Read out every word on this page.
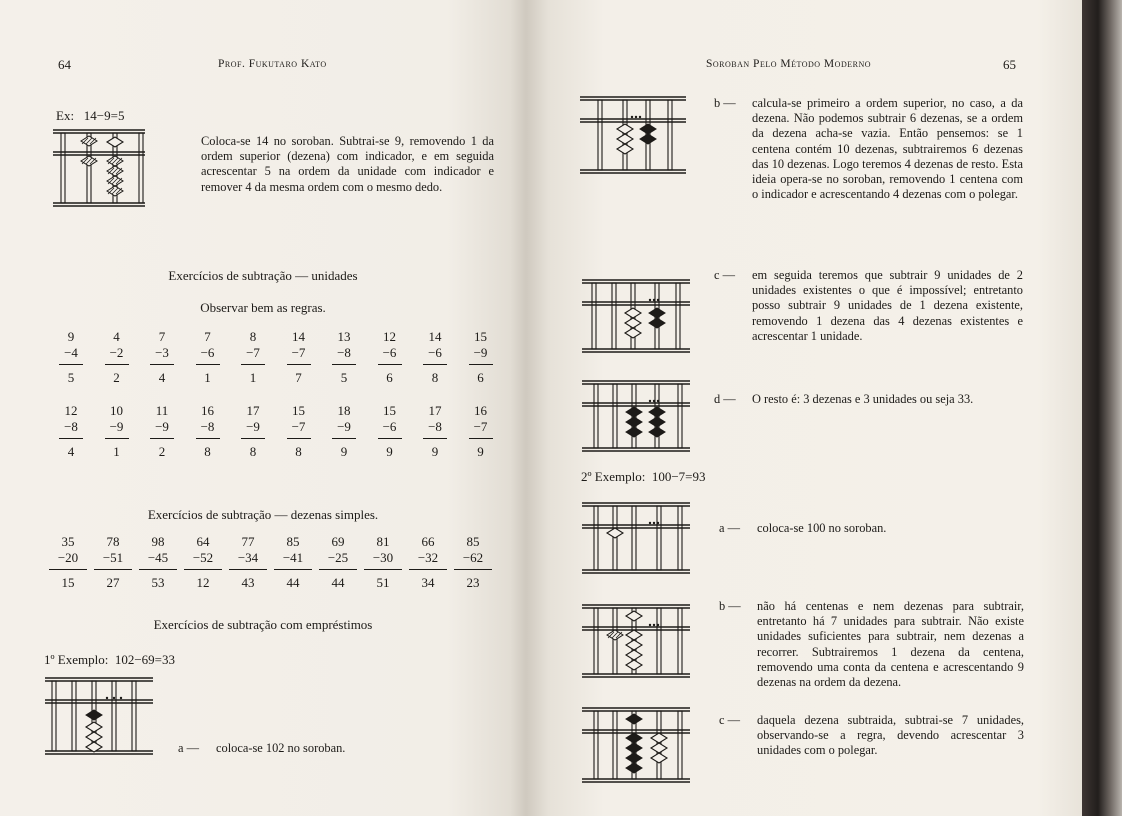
64	Prof. Fukutaro Kato
Ex:   14−9=5
Coloca-se 14 no soroban. Subtrai-se 9, removendo 1 da ordem superior (dezena) com indicador, e em seguida acrescentar 5 na ordem da unidade com indicador e remover 4 da mesma ordem com o mesmo dedo.
Exercícios de subtração — unidades
Observar bem as regras.
9
−4
5
4
−2
2
7
−3
4
7
−6
1
8
−7
1
14
−7
7
13
−8
5
12
−6
6
14
−6
8
15
−9
6
12
−8
4
10
−9
1
11
−9
2
16
−8
8
17
−9
8
15
−7
8
18
−9
9
15
−6
9
17
−8
9
16
−7
9
Exercícios de subtração — dezenas simples.
35
−20
15
78
−51
27
98
−45
53
64
−52
12
77
−34
43
85
−41
44
69
−25
44
81
−30
51
66
−32
34
85
−62
23
Exercícios de subtração com empréstimos
1º Exemplo:  102−69=33
a — coloca-se 102 no soroban.
Soroban Pelo Método Moderno	65
b — calcula-se primeiro a ordem superior, no caso, a da dezena. Não podemos subtrair 6 dezenas, se a ordem da dezena acha-se vazia. Então pensemos: se 1 centena contém 10 dezenas, subtrairemos 6 dezenas das 10 dezenas. Logo teremos 4 dezenas de resto. Esta ideia opera-se no soroban, removendo 1 centena com o indicador e acrescentando 4 dezenas com o polegar.
c — em seguida teremos que subtrair 9 unidades de 2 unidades existentes o que é impossível; entretanto posso subtrair 9 unidades de 1 dezena existente, removendo 1 dezena das 4 dezenas existentes e acrescentar 1 unidade.
d — O resto é: 3 dezenas e 3 unidades ou seja 33.
2º Exemplo:  100−7=93
a — coloca-se 100 no soroban.
b — não há centenas e nem dezenas para subtrair, entretanto há 7 unidades para subtrair. Não existe unidades suficientes para subtrair, nem dezenas a recorrer. Subtrairemos 1 dezena da centena, removendo uma conta da centena e acrescentando 9 dezenas na ordem da dezena.
c — daquela dezena subtraida, subtrai-se 7 unidades, observando-se a regra, devendo acrescentar 3 unidades com o polegar.
